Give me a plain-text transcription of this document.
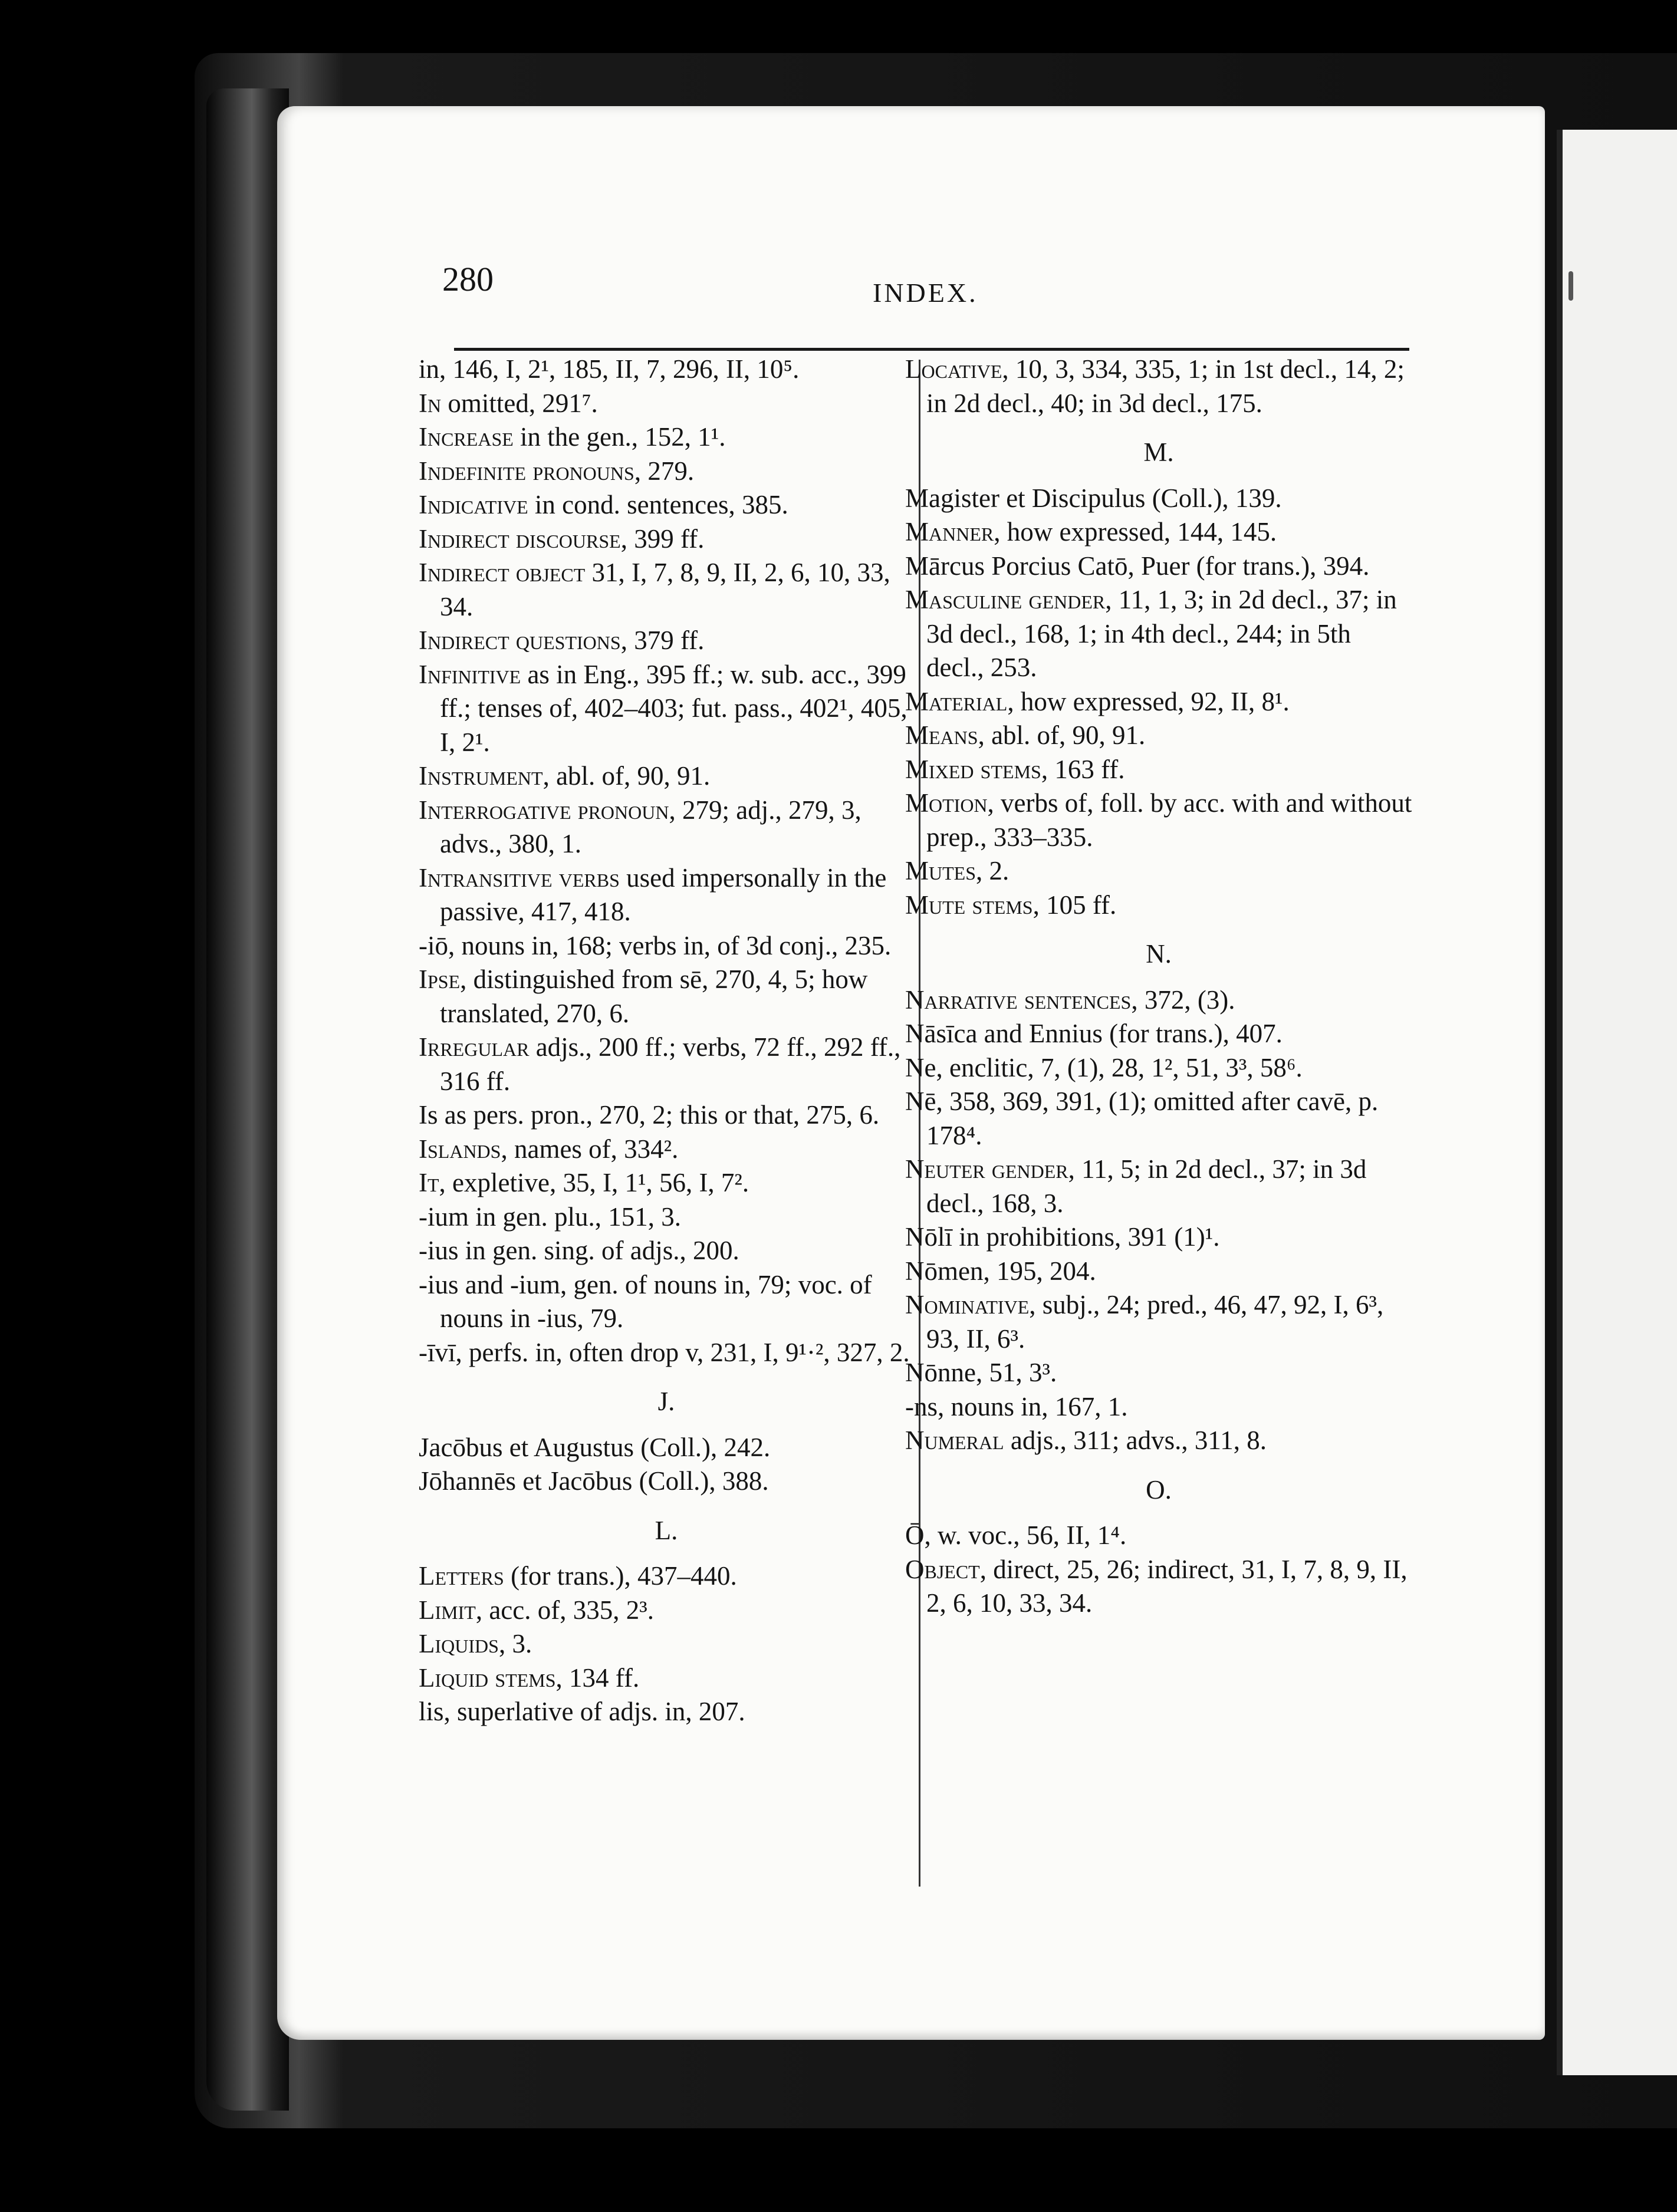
280	INDEX.

in, 146, I, 2¹, 185, II, 7, 296, II, 10⁵.

In omitted, 291⁷.

Increase in the gen., 152, 1¹.

Indefinite pronouns, 279.

Indicative in cond. sentences, 385.

Indirect discourse, 399 ff.

Indirect object 31, I, 7, 8, 9, II, 2, 6, 10, 33, 34.

Indirect questions, 379 ff.

Infinitive as in Eng., 395 ff.; w. sub. acc., 399 ff.; tenses of, 402–403; fut. pass., 402¹, 405, I, 2¹.

Instrument, abl. of, 90, 91.

Interrogative pronoun, 279; adj., 279, 3, advs., 380, 1.

Intransitive verbs used impersonally in the passive, 417, 418.

-iō, nouns in, 168; verbs in, of 3d conj., 235.

Ipse, distinguished from sē, 270, 4, 5; how translated, 270, 6.

Irregular adjs., 200 ff.; verbs, 72 ff., 292 ff., 316 ff.

Is as pers. pron., 270, 2; this or that, 275, 6.

Islands, names of, 334².

It, expletive, 35, I, 1¹, 56, I, 7².

-ium in gen. plu., 151, 3.

-ius in gen. sing. of adjs., 200.

-ius and -ium, gen. of nouns in, 79; voc. of nouns in -ius, 79.

-īvī, perfs. in, often drop v, 231, I, 9¹·², 327, 2.

J.

Jacōbus et Augustus (Coll.), 242.

Jōhannēs et Jacōbus (Coll.), 388.

L.

Letters (for trans.), 437–440.

Limit, acc. of, 335, 2³.

Liquids, 3.

Liquid stems, 134 ff.

lis, superlative of adjs. in, 207.

Locative, 10, 3, 334, 335, 1; in 1st decl., 14, 2; in 2d decl., 40; in 3d decl., 175.

M.

Magister et Discipulus (Coll.), 139.

Manner, how expressed, 144, 145.

Mārcus Porcius Catō, Puer (for trans.), 394.

Masculine gender, 11, 1, 3; in 2d decl., 37; in 3d decl., 168, 1; in 4th decl., 244; in 5th decl., 253.

Material, how expressed, 92, II, 8¹.

Means, abl. of, 90, 91.

Mixed stems, 163 ff.

Motion, verbs of, foll. by acc. with and without prep., 333–335.

Mutes, 2.

Mute stems, 105 ff.

N.

Narrative sentences, 372, (3).

Nāsīca and Ennius (for trans.), 407.

Ne, enclitic, 7, (1), 28, 1², 51, 3³, 58⁶.

Nē, 358, 369, 391, (1); omitted after cavē, p. 178⁴.

Neuter gender, 11, 5; in 2d decl., 37; in 3d decl., 168, 3.

Nōlī in prohibitions, 391 (1)¹.

Nōmen, 195, 204.

Nominative, subj., 24; pred., 46, 47, 92, I, 6³, 93, II, 6³.

Nōnne, 51, 3³.

-ns, nouns in, 167, 1.

Numeral adjs., 311; advs., 311, 8.

O.

Ō, w. voc., 56, II, 1⁴.

Object, direct, 25, 26; indirect, 31, I, 7, 8, 9, II, 2, 6, 10, 33, 34.
